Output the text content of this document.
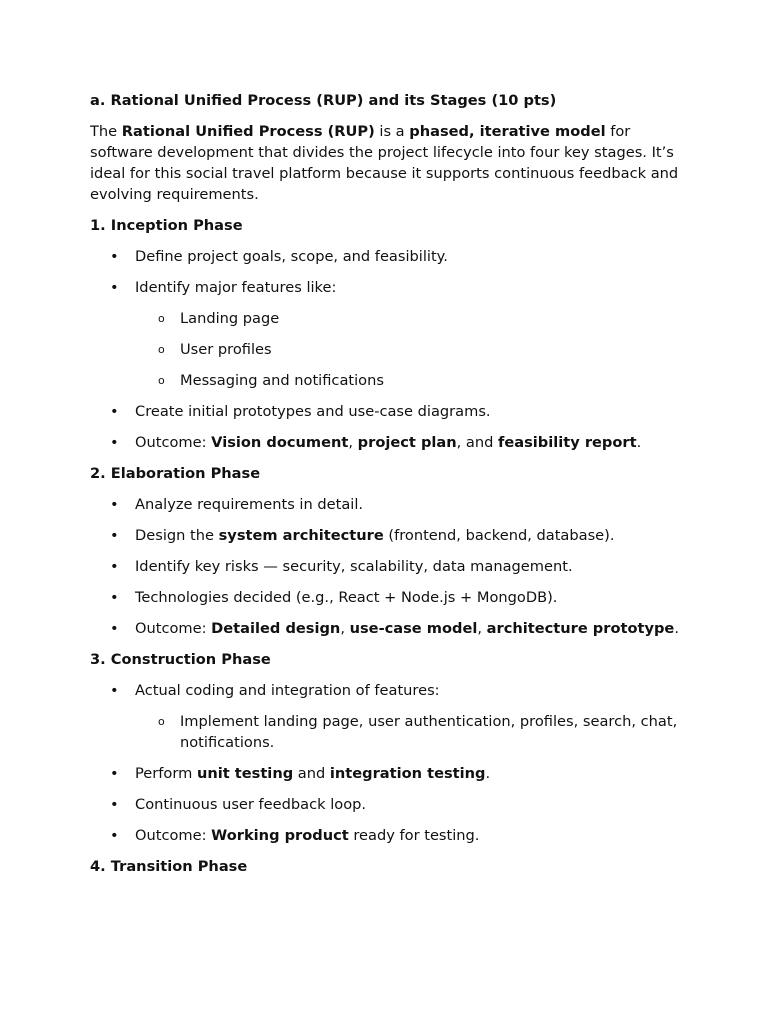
a. Rational Unified Process (RUP) and its Stages (10 pts)
The Rational Unified Process (RUP) is a phased, iterative model for software development that divides the project lifecycle into four key stages. It’s ideal for this social travel platform because it supports continuous feedback and evolving requirements.
1. Inception Phase
• Define project goals, scope, and feasibility.
• Identify major features like:
o Landing page
o User profiles
o Messaging and notifications
• Create initial prototypes and use-case diagrams.
• Outcome: Vision document, project plan, and feasibility report.
2. Elaboration Phase
• Analyze requirements in detail.
• Design the system architecture (frontend, backend, database).
• Identify key risks — security, scalability, data management.
• Technologies decided (e.g., React + Node.js + MongoDB).
• Outcome: Detailed design, use-case model, architecture prototype.
3. Construction Phase
• Actual coding and integration of features:
o Implement landing page, user authentication, profiles, search, chat, notifications.
• Perform unit testing and integration testing.
• Continuous user feedback loop.
• Outcome: Working product ready for testing.
4. Transition Phase
